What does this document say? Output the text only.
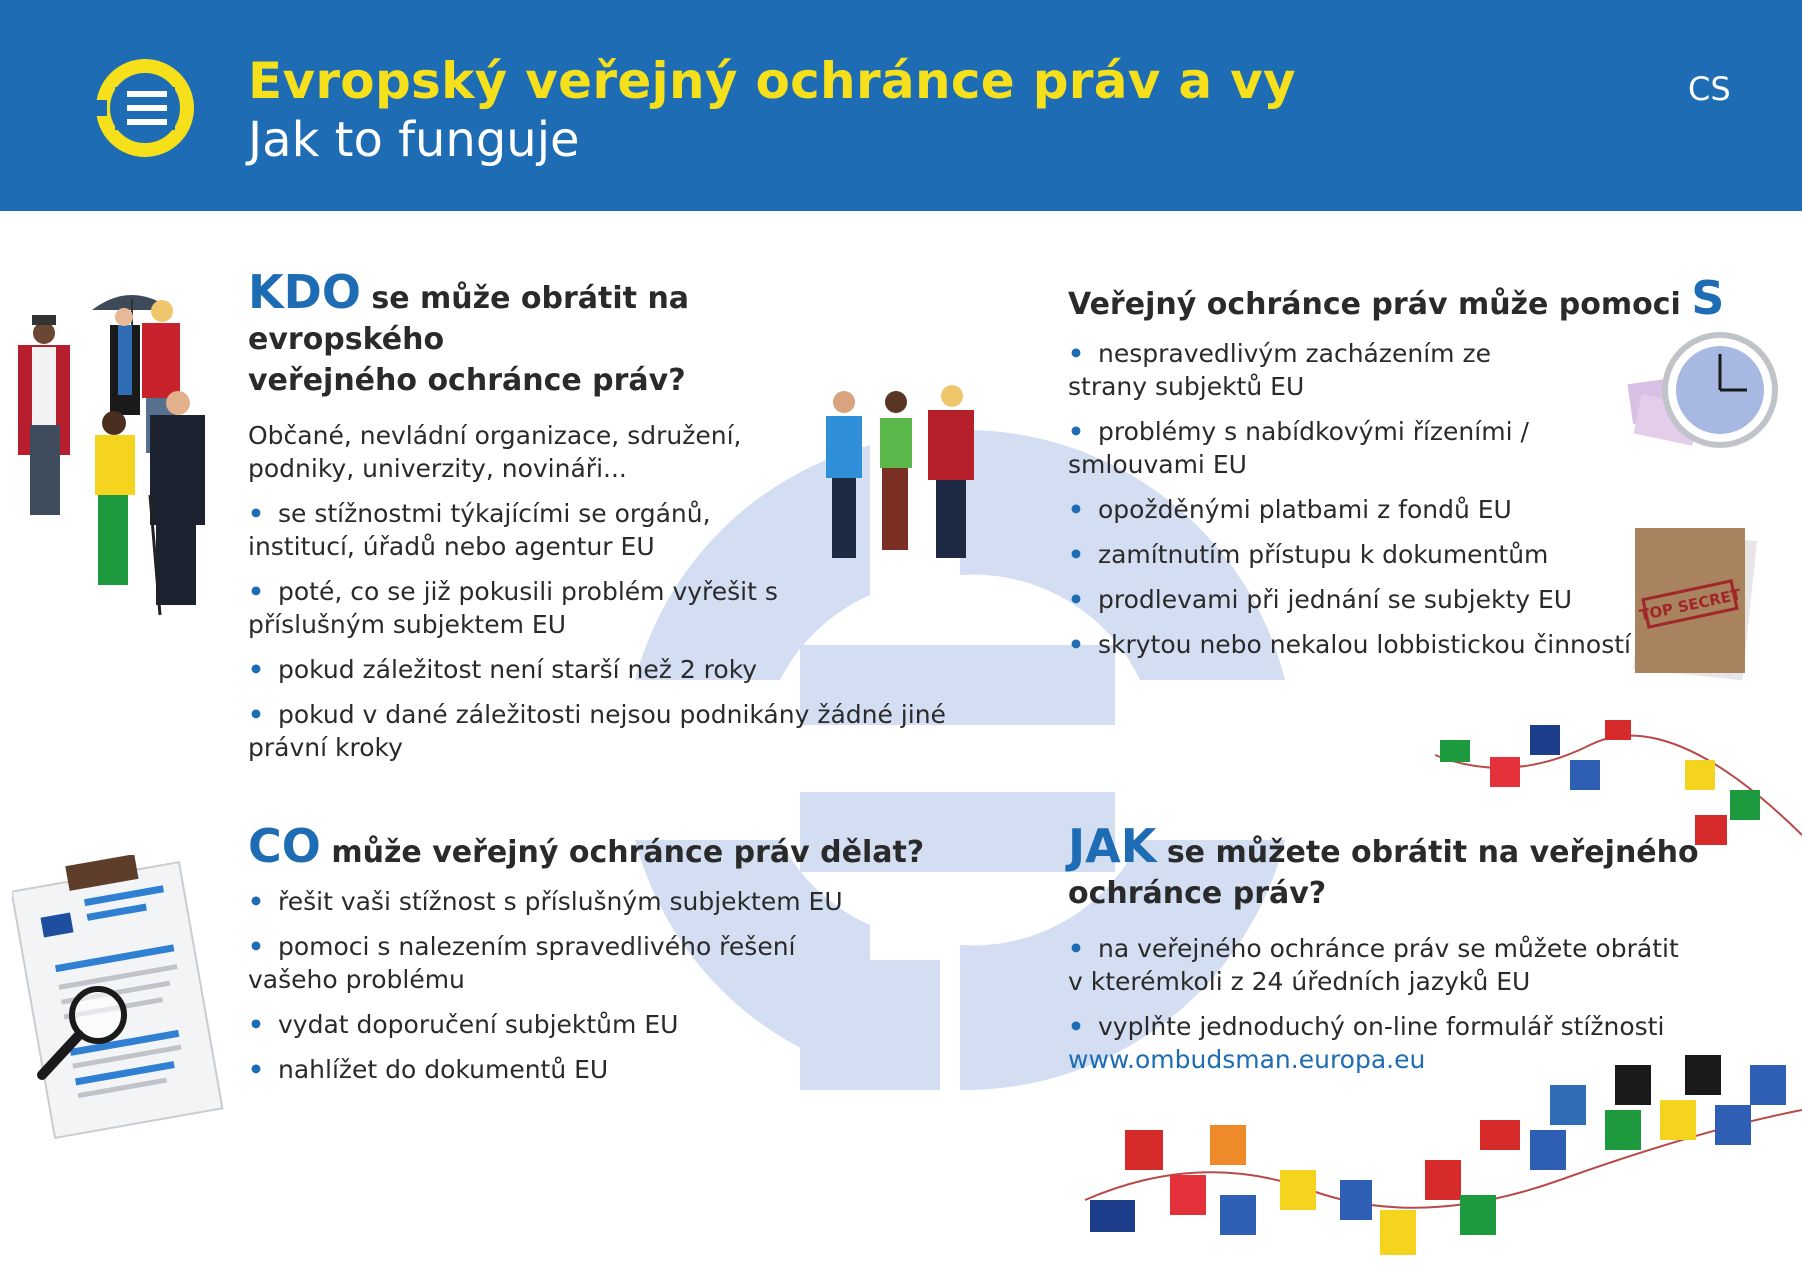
Evropský veřejný ochránce práv a vy
Jak to funguje
CS
TOP SECRET
KDO se může obrátit na evropského
veřejného ochránce práv?
Občané, nevládní organizace, sdružení, podniky, univerzity, novináři...
• se stížnostmi týkajícími se orgánů, institucí, úřadů nebo agentur EU
• poté, co se již pokusili problém vyřešit s příslušným subjektem EU
• pokud záležitost není starší než 2 roky
• pokud v dané záležitosti nejsou podnikány žádné jiné právní kroky
Veřejný ochránce práv může pomoci S
• nespravedlivým zacházením ze strany subjektů EU
• problémy s nabídkovými řízeními / smlouvami EU
• opožděnými platbami z fondů EU
• zamítnutím přístupu k dokumentům
• prodlevami při jednání se subjekty EU
• skrytou nebo nekalou lobbistickou činností
CO může veřejný ochránce práv dělat?
• řešit vaši stížnost s příslušným subjektem EU
• pomoci s nalezením spravedlivého řešení vašeho problému
• vydat doporučení subjektům EU
• nahlížet do dokumentů EU
JAK se můžete obrátit na veřejného
ochránce práv?
• na veřejného ochránce práv se můžete obrátit v kterémkoli z 24 úředních jazyků EU
• vyplňte jednoduchý on-line formulář stížnosti
www.ombudsman.europa.eu
